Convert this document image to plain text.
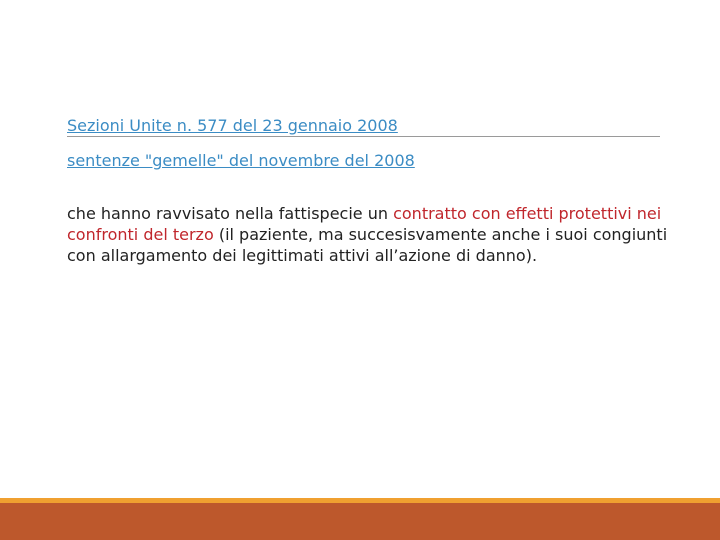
Sezioni Unite n. 577 del 23 gennaio 2008
sentenze "gemelle" del novembre del 2008

che hanno ravvisato nella fattispecie un contratto con effetti protettivi nei confronti del terzo (il paziente, ma succesisvamente anche i suoi congiunti con allargamento dei legittimati attivi all’azione di danno).
